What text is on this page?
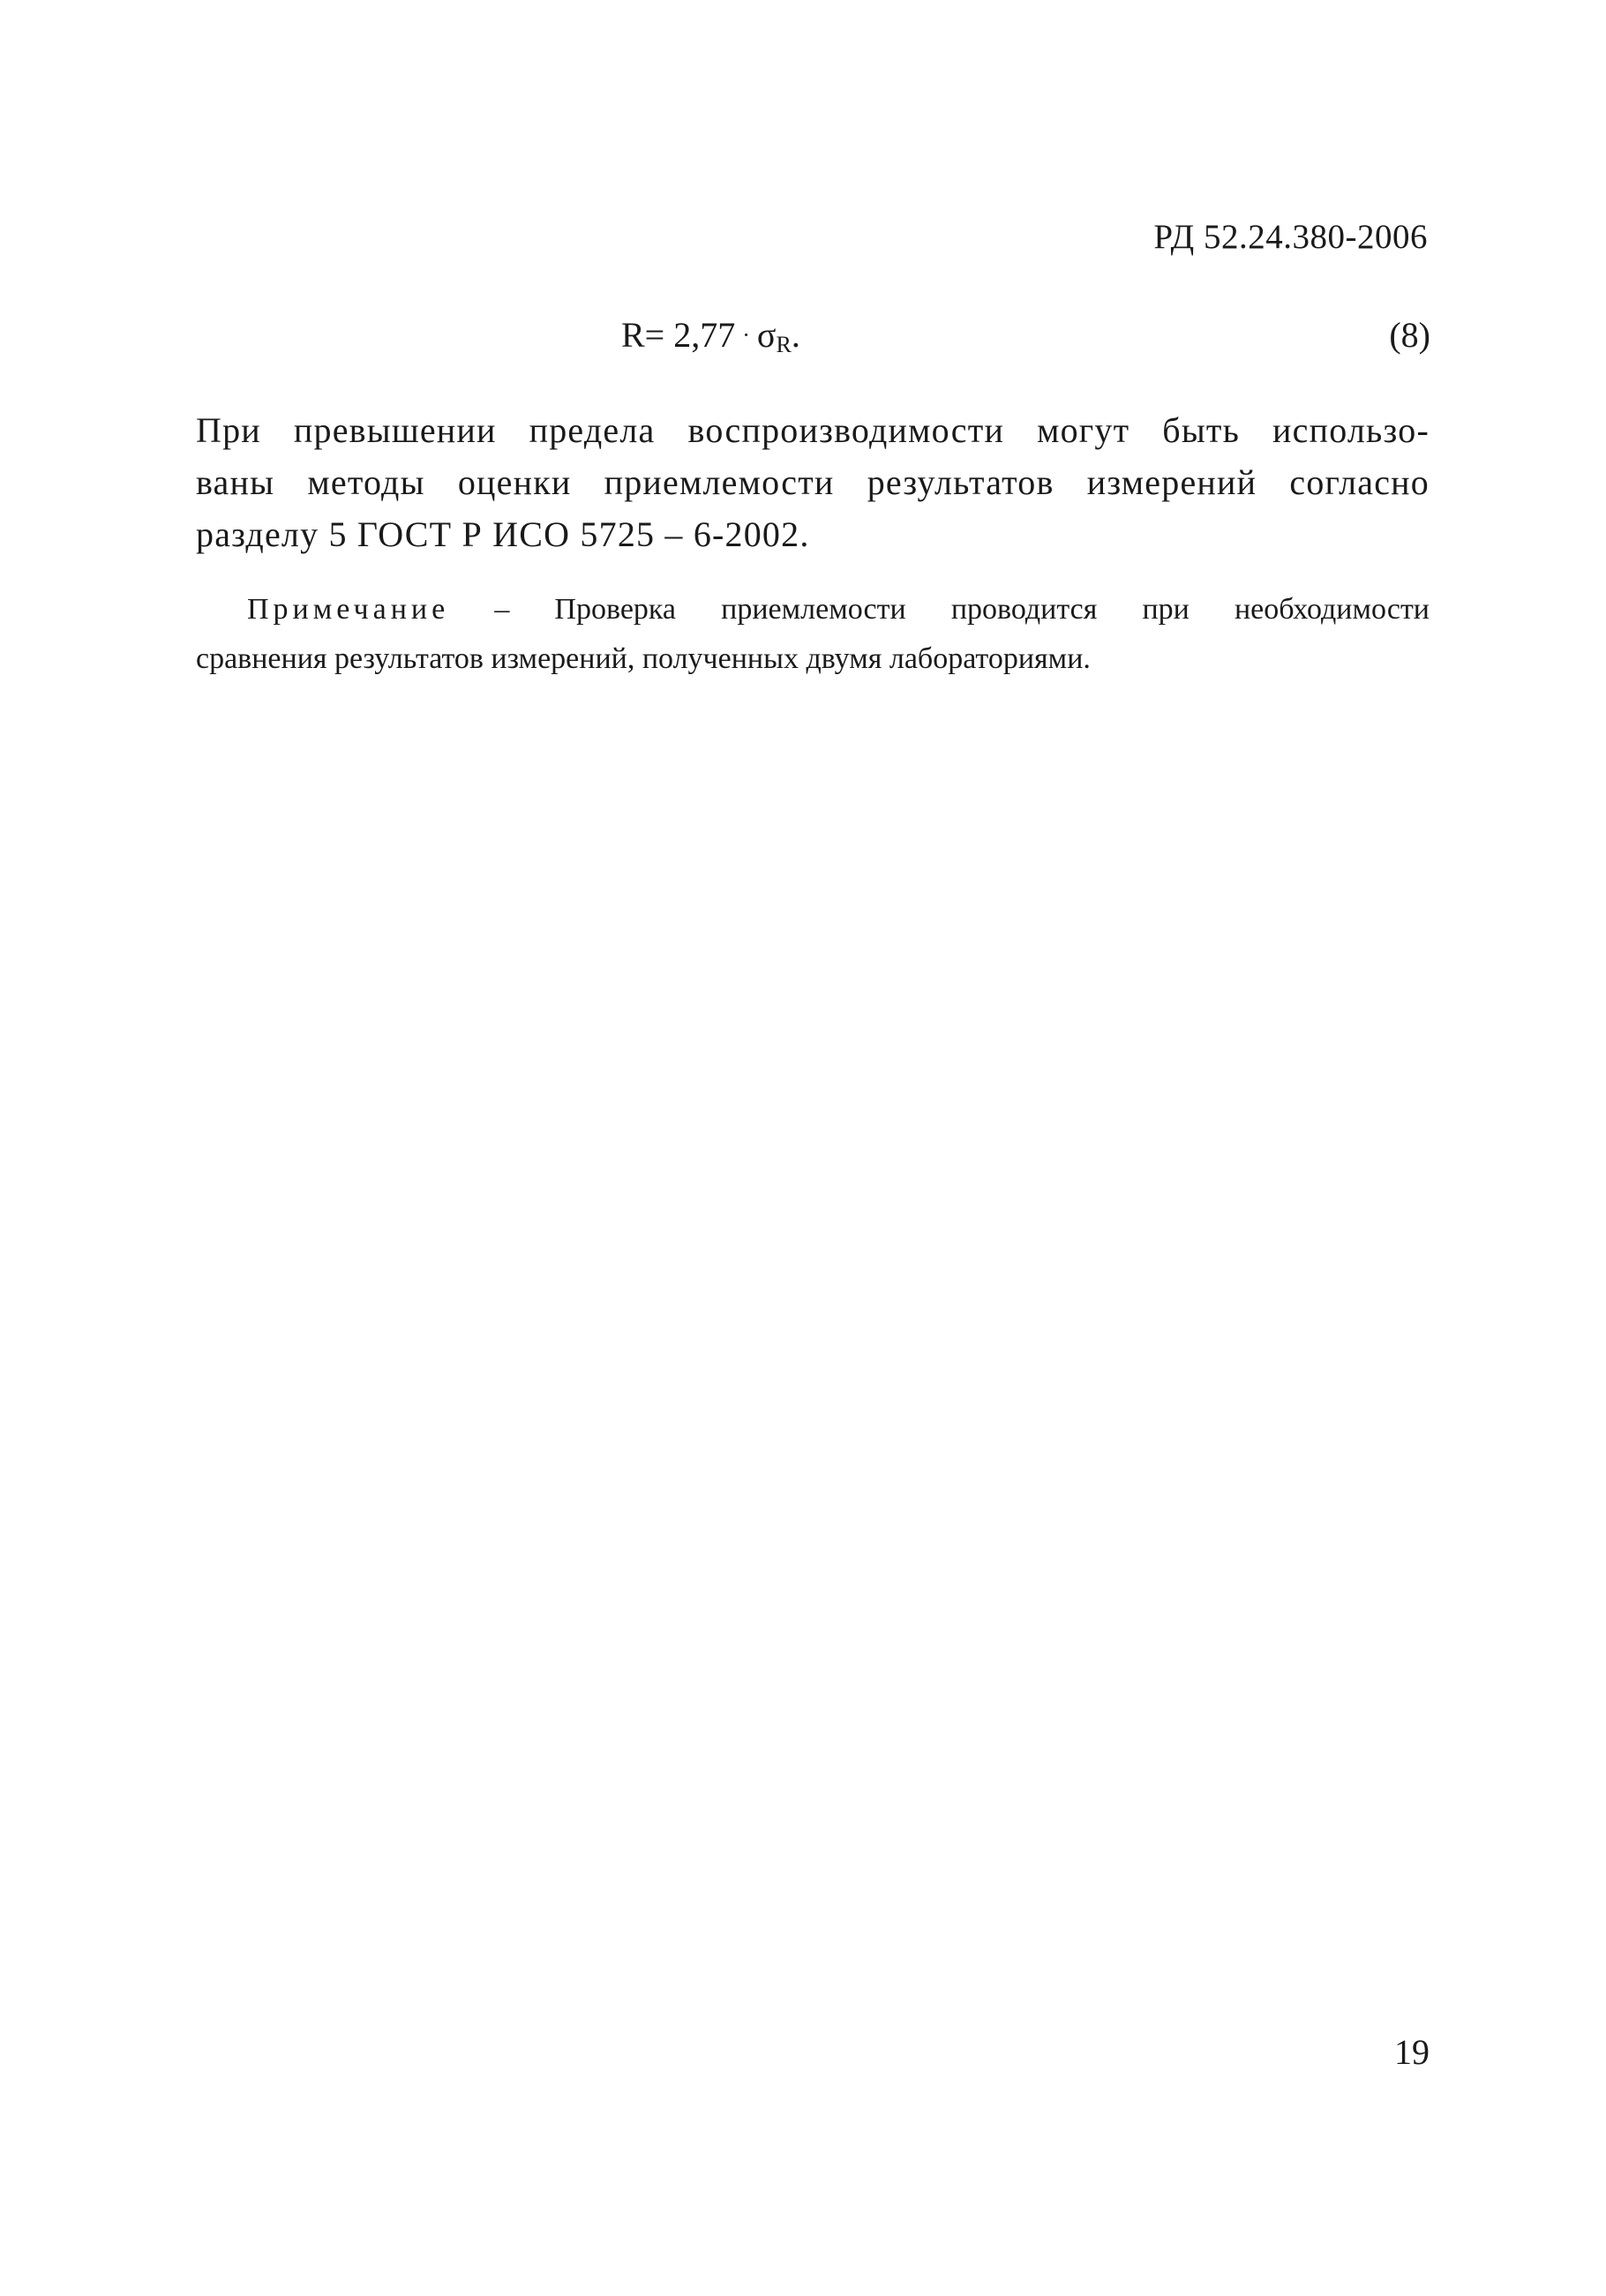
РД 52.24.380-2006
$R= 2,77 \cdot \sigma_R$.	(8)
При превышении предела воспроизводимости могут быть использо-
ваны методы оценки приемлемости результатов измерений согласно
разделу 5 ГОСТ Р ИСО 5725 – 6-2002.
Примечание – Проверка приемлемости проводится при необходимости
сравнения результатов измерений, полученных двумя лабораториями.
19
